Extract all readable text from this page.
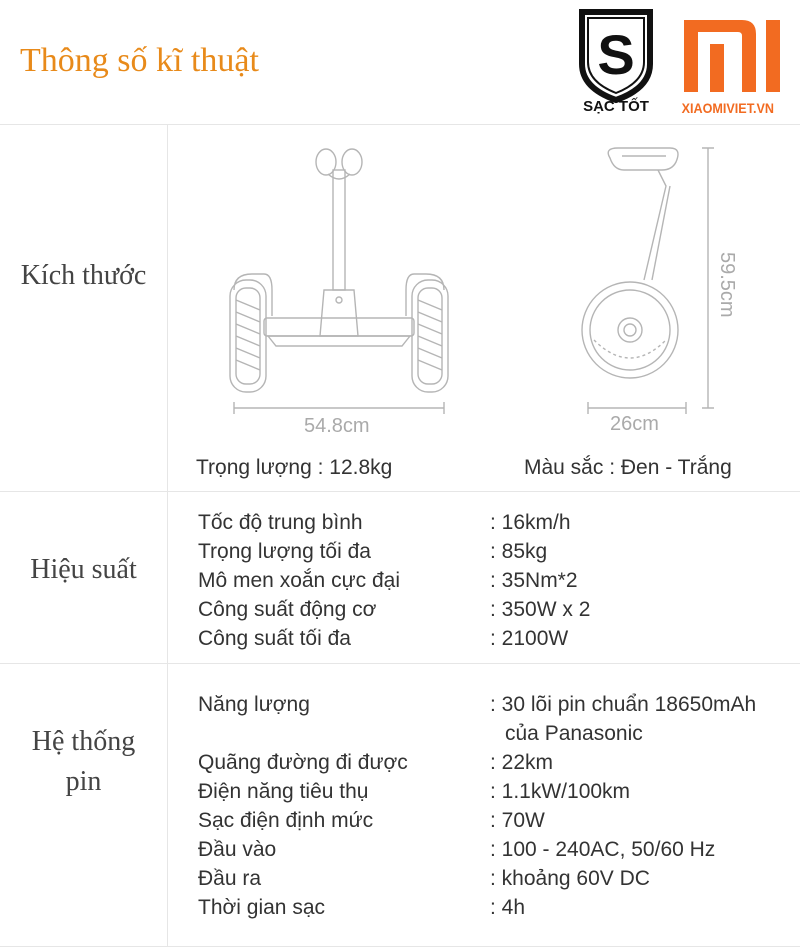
Thông số kĩ thuật	S
SẠC TỐT	XIAOMIVIET.VN
Kích thước
54.8cm	26cm
59.5cm
Trọng lượng : 12.8kg	Màu sắc : Đen - Trắng
Hiệu suất
Tốc độ trung bình	: 16km/h
Trọng lượng tối đa	: 85kg
Mô men xoắn cực đại	: 35Nm*2
Công suất động cơ	: 350W x 2
Công suất tối đa	: 2100W
Hệ thống
pin
Năng lượng	: 30 lõi pin chuẩn 18650mAh
của Panasonic
Quãng đường đi được	: 22km
Điện năng tiêu thụ	: 1.1kW/100km
Sạc điện định mức	: 70W
Đầu vào	: 100 - 240AC, 50/60 Hz
Đầu ra	: khoảng 60V DC
Thời gian sạc	: 4h
